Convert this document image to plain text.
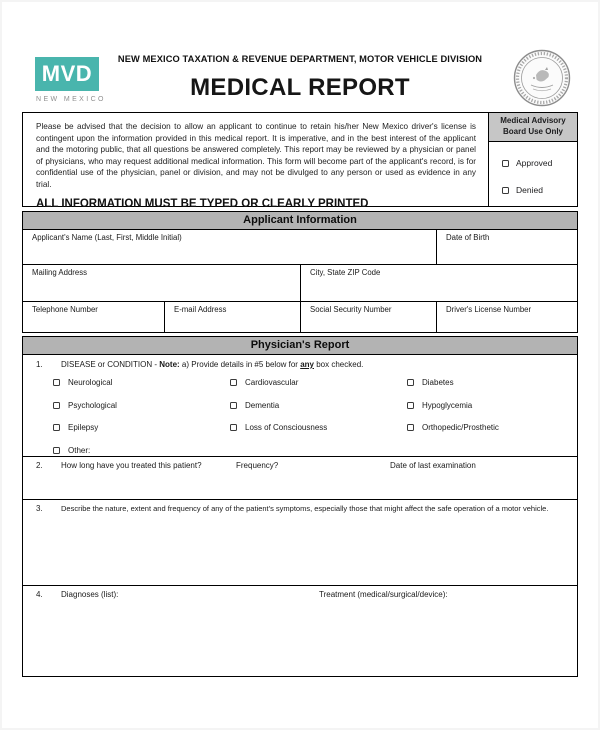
MVD
NEW MEXICO
NEW MEXICO TAXATION & REVENUE DEPARTMENT, MOTOR VEHICLE DIVISION
MEDICAL REPORT
Please be advised that the decision to allow an applicant to continue to retain his/her New Mexico driver's license is contingent upon the information provided in this medical report. It is imperative, and in the best interest of the applicant and the motoring public, that all questions be answered completely. This report may be reviewed by a physician or panel of physicians, who may request additional medical information. This form will become part of the applicant's record, is for confidential use of the physician, panel or division, and may not be divulged to any person or used as evidence in any trial.
ALL INFORMATION MUST BE TYPED OR CLEARLY PRINTED
Medical Advisory Board Use Only
Approved
Denied
Applicant Information
Applicant's Name (Last, First, Middle Initial)	Date of Birth
Mailing Address	City, State ZIP Code
Telephone Number	E-mail Address	Social Security Number	Driver's License Number
Physician's Report
1.	DISEASE or CONDITION - Note: a) Provide details in #5 below for any box checked.
Neurological	Cardiovascular	Diabetes
Psychological	Dementia	Hypoglycemia
Epilepsy	Loss of Consciousness	Orthopedic/Prosthetic
Other:
2.	How long have you treated this patient?	Frequency?	Date of last examination
3.	Describe the nature, extent and frequency of any of the patient's symptoms, especially those that might affect the safe operation of a motor vehicle.
4.	Diagnoses (list):	Treatment (medical/surgical/device):
